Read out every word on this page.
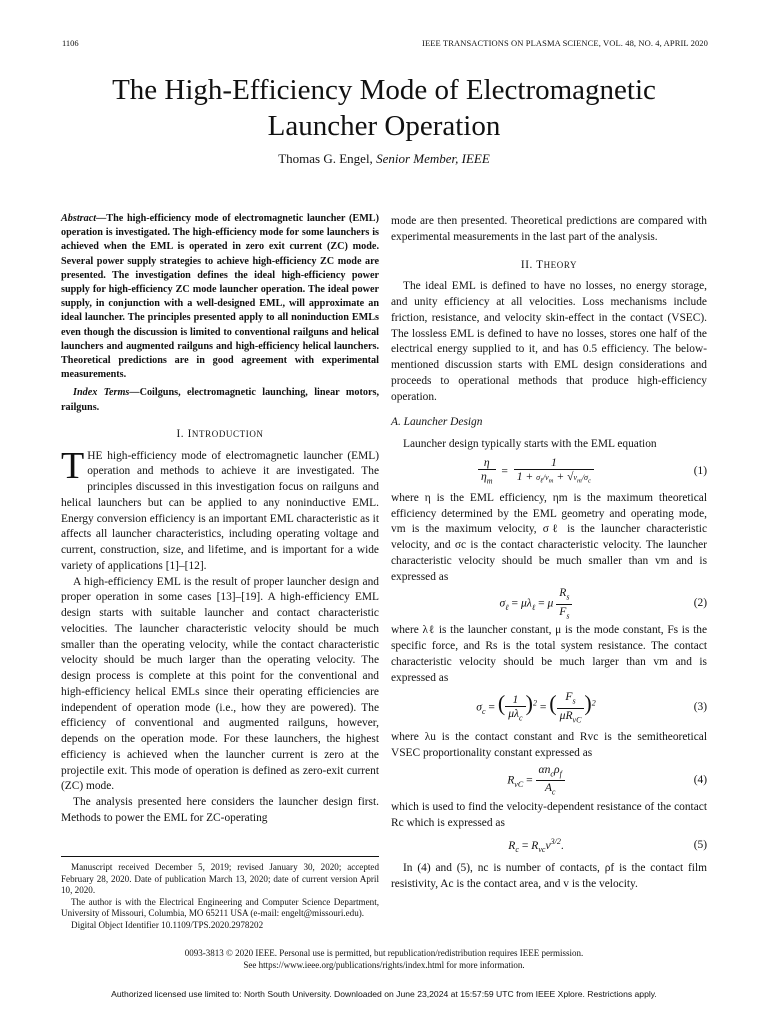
1106	IEEE TRANSACTIONS ON PLASMA SCIENCE, VOL. 48, NO. 4, APRIL 2020
The High-Efficiency Mode of Electromagnetic
Launcher Operation
Thomas G. Engel, Senior Member, IEEE

Abstract—The high-efficiency mode of electromagnetic launcher (EML) operation is investigated. The high-efficiency mode for some launchers is achieved when the EML is operated in zero exit current (ZC) mode. Several power supply strategies to achieve high-efficiency ZC mode are presented. The investigation defines the ideal high-efficiency power supply for high-efficiency ZC mode launcher operation. The ideal power supply, in conjunction with a well-designed EML, will approximate an ideal launcher. The principles presented apply to all noninduction EMLs even though the discussion is limited to conventional railguns and helical launchers and augmented railguns and high-efficiency helical launchers. Theoretical predictions are in good agreement with experimental measurements.

Index Terms—Coilguns, electromagnetic launching, linear motors, railguns.

I. INTRODUCTION

THE high-efficiency mode of electromagnetic launcher (EML) operation and methods to achieve it are investigated. The principles discussed in this investigation focus on railguns and helical launchers but can be applied to any noninductive EML. Energy conversion efficiency is an important EML characteristic as it affects all launcher characteristics, including operating voltage and current, construction, size, and lifetime, and is important for a wide variety of applications [1]–[12].

A high-efficiency EML is the result of proper launcher design and proper operation in some cases [13]–[19]. A high-efficiency EML design starts with suitable launcher and contact characteristic velocities. The launcher characteristic velocity should be much smaller than the operating velocity, while the contact characteristic velocity should be much larger than the operating velocity. The design process is complete at this point for the conventional and high-efficiency helical EMLs since their operating efficiencies are independent of operation mode (i.e., how they are powered). The efficiency of conventional and augmented railguns, however, depends on the operation mode. For these launchers, the highest efficiency is achieved when the launcher current is zero at the projectile exit. This mode of operation is defined as zero-exit current (ZC) mode.

The analysis presented here considers the launcher design first. Methods to power the EML for ZC-operating

Manuscript received December 5, 2019; revised January 30, 2020; accepted February 28, 2020. Date of publication March 13, 2020; date of current version April 10, 2020.

The author is with the Electrical Engineering and Computer Science Department, University of Missouri, Columbia, MO 65211 USA (e-mail: engelt@missouri.edu).

Digital Object Identifier 10.1109/TPS.2020.2978202

mode are then presented. Theoretical predictions are compared with experimental measurements in the last part of the analysis.

II. THEORY

The ideal EML is defined to have no losses, no energy storage, and unity efficiency at all velocities. Loss mechanisms include friction, resistance, and velocity skin-effect in the contact (VSEC). The lossless EML is defined to have no losses, stores one half of the electrical energy supplied to it, and has 0.5 efficiency. The below-mentioned discussion starts with EML design considerations and proceeds to operational methods that produce high-efficiency operation.

A. Launcher Design

Launcher design typically starts with the EML equation

$\frac{\eta}{\eta_m} = \frac{1}{1 + \sigma_\ell/v_m + √v_m/\sigma_c}$	(1)

where η is the EML efficiency, ηm is the maximum theoretical efficiency determined by the EML geometry and operating mode, vm is the maximum velocity, σℓ is the launcher characteristic velocity, and σc is the contact characteristic velocity. The launcher characteristic velocity should be much smaller than vm and is expressed as

$\sigma_\ell = \mu\lambda_\ell = \mu \frac{R_s}{F_s}$	(2)

where λℓ is the launcher constant, μ is the mode constant, Fs is the specific force, and Rs is the total system resistance. The contact characteristic velocity should be much larger than vm and is expressed as

$\sigma_c$ = ( $\frac{1}{\mu\lambda_c} )^2$ = ( $\frac{F_s}{\mu R_{vC}} )^2$	(3)

where λu is the contact constant and Rvc is the semitheoretical VSEC proportionality constant expressed as

$R_{vC} = \frac{\alpha n_c\rho_f}{A_c}$	(4)

which is used to find the velocity-dependent resistance of the contact Rc which is expressed as

$R_c = R_{vc}v^{3/2}$.	(5)

In (4) and (5), nc is number of contacts, ρf is the contact film resistivity, Ac is the contact area, and v is the velocity.

0093-3813 © 2020 IEEE. Personal use is permitted, but republication/redistribution requires IEEE permission.
See https://www.ieee.org/publications/rights/index.html for more information.
Authorized licensed use limited to: North South University. Downloaded on June 23,2024 at 15:57:59 UTC from IEEE Xplore. Restrictions apply.
